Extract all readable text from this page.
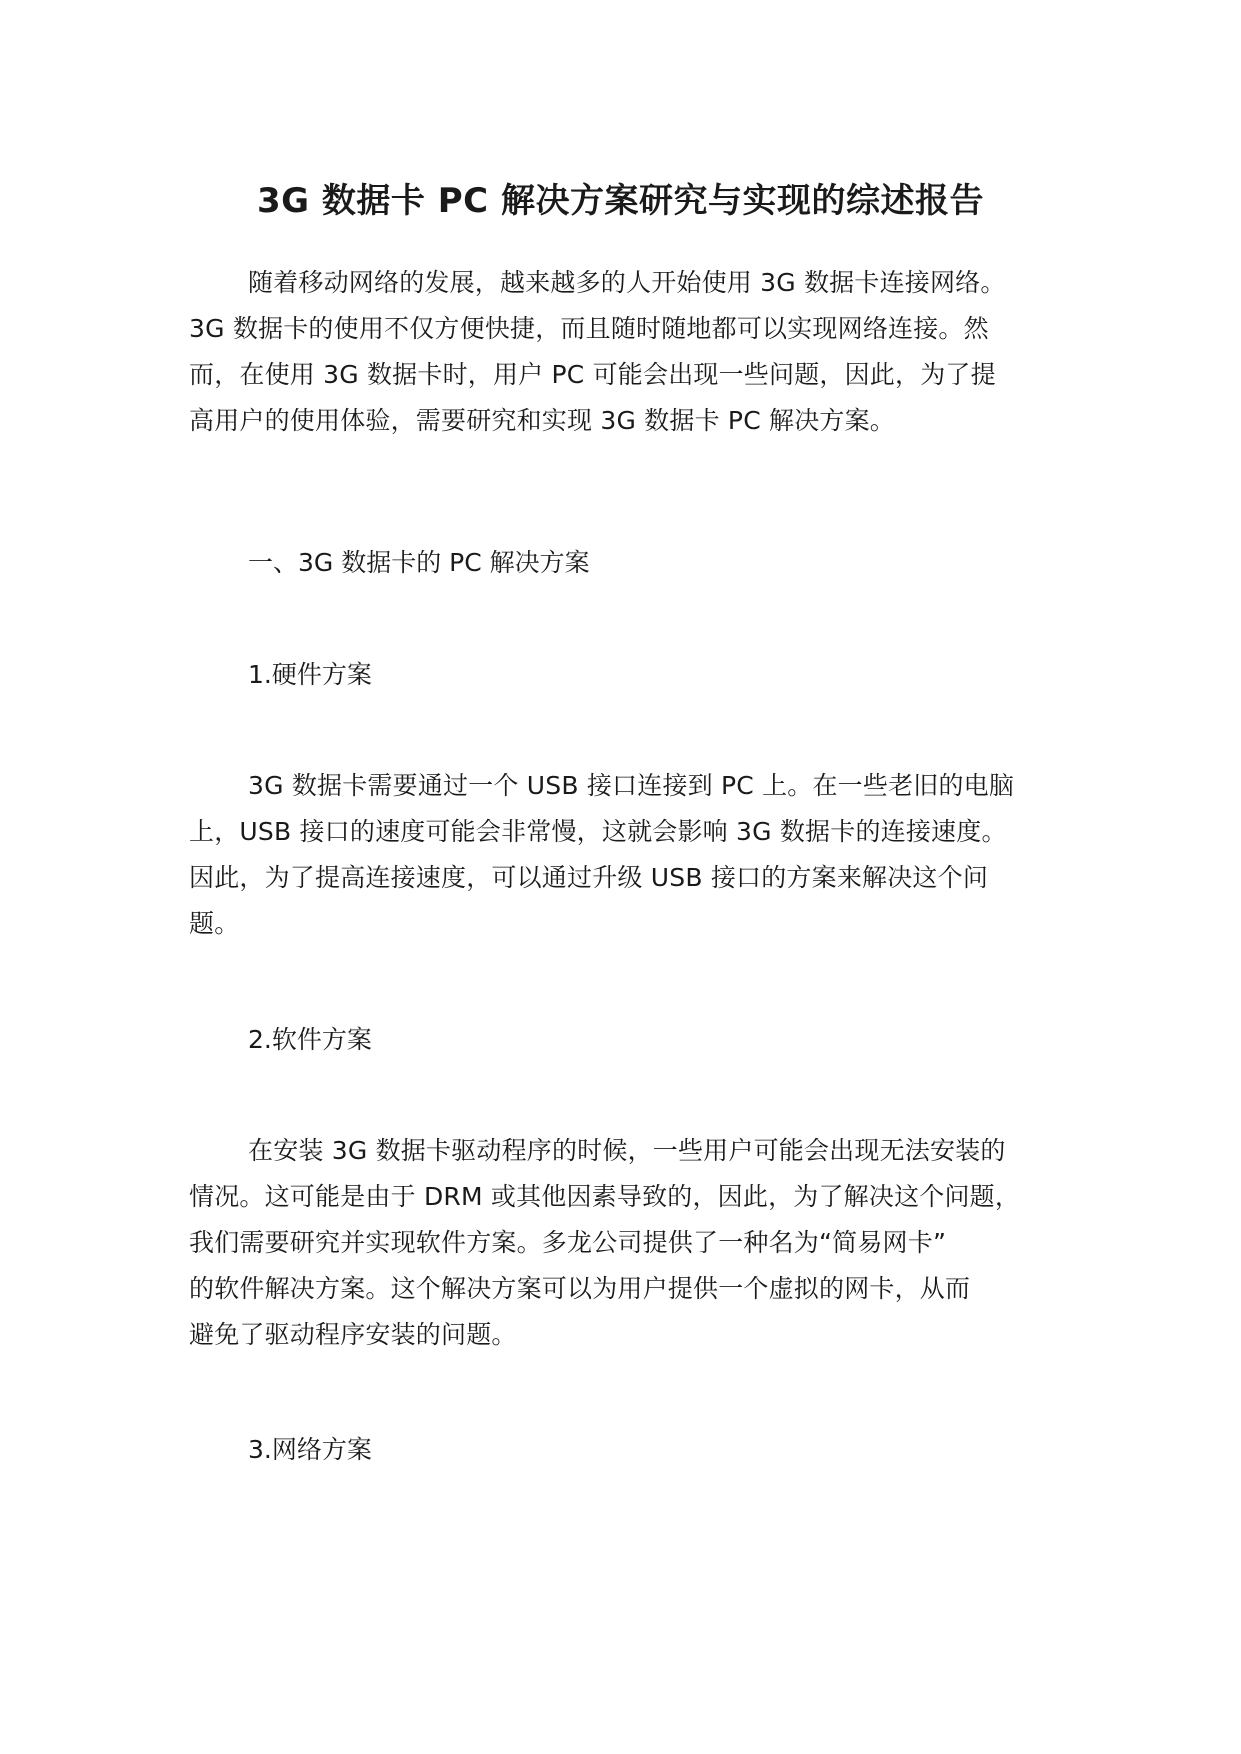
3G 数据卡 PC 解决方案研究与实现的综述报告
随着移动网络的发展，越来越多的人开始使用 3G 数据卡连接网络。
3G 数据卡的使用不仅方便快捷，而且随时随地都可以实现网络连接。然
而，在使用 3G 数据卡时，用户 PC 可能会出现一些问题，因此，为了提
高用户的使用体验，需要研究和实现 3G 数据卡 PC 解决方案。
一、3G 数据卡的 PC 解决方案
1.硬件方案
3G 数据卡需要通过一个 USB 接口连接到 PC 上。在一些老旧的电脑
上，USB 接口的速度可能会非常慢，这就会影响 3G 数据卡的连接速度。
因此，为了提高连接速度，可以通过升级 USB 接口的方案来解决这个问
题。
2.软件方案
在安装 3G 数据卡驱动程序的时候，一些用户可能会出现无法安装的
情况。这可能是由于 DRM 或其他因素导致的，因此，为了解决这个问题，
我们需要研究并实现软件方案。多龙公司提供了一种名为“简易网卡”
的软件解决方案。这个解决方案可以为用户提供一个虚拟的网卡，从而
避免了驱动程序安装的问题。
3.网络方案
